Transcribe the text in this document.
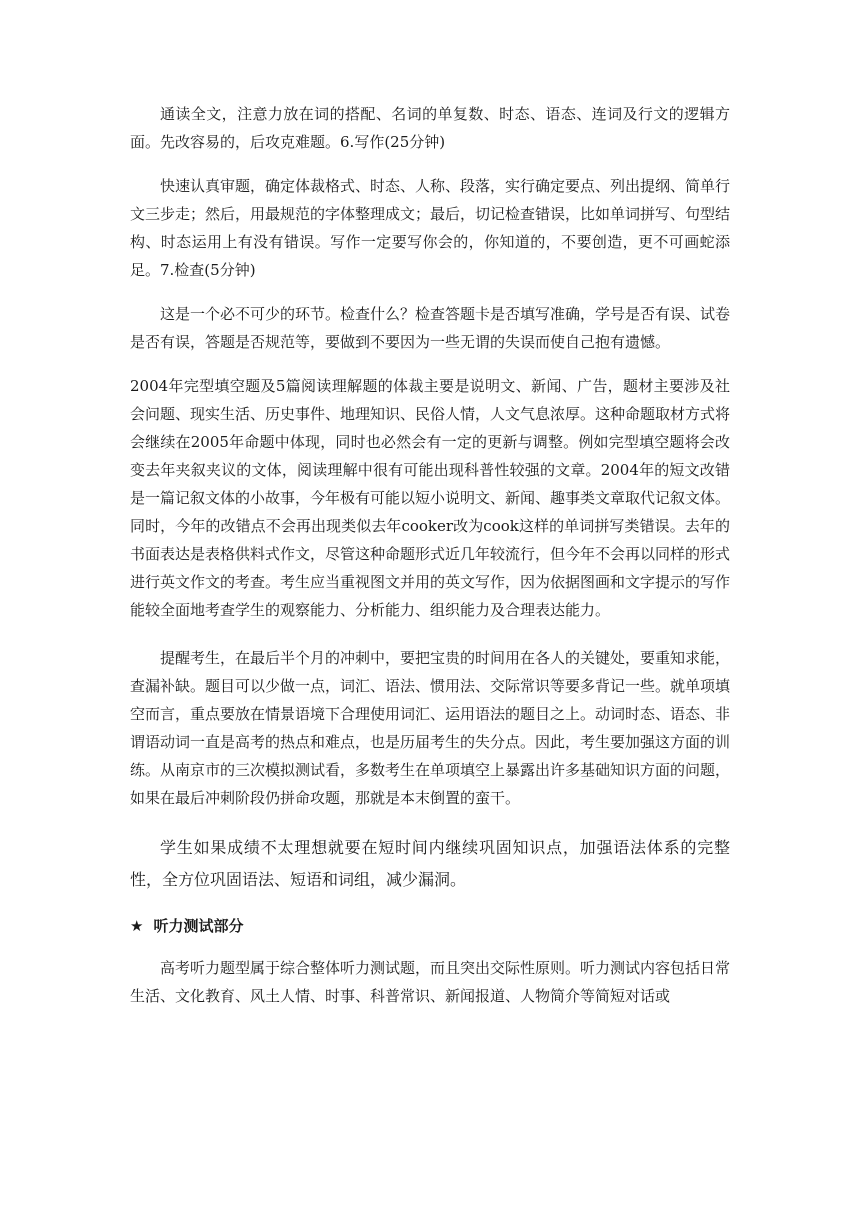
通读全文，注意力放在词的搭配、名词的单复数、时态、语态、连词及行文的逻辑方面。先改容易的，后攻克难题。6.写作(25分钟)

快速认真审题，确定体裁格式、时态、人称、段落，实行确定要点、列出提纲、简单行文三步走；然后，用最规范的字体整理成文；最后，切记检查错误，比如单词拼写、句型结构、时态运用上有没有错误。写作一定要写你会的，你知道的，不要创造，更不可画蛇添足。7.检查(5分钟)

这是一个必不可少的环节。检查什么？检查答题卡是否填写准确，学号是否有误、试卷是否有误，答题是否规范等，要做到不要因为一些无谓的失误而使自己抱有遗憾。

2004年完型填空题及5篇阅读理解题的体裁主要是说明文、新闻、广告，题材主要涉及社会问题、现实生活、历史事件、地理知识、民俗人情，人文气息浓厚。这种命题取材方式将会继续在2005年命题中体现，同时也必然会有一定的更新与调整。例如完型填空题将会改变去年夹叙夹议的文体，阅读理解中很有可能出现科普性较强的文章。2004年的短文改错是一篇记叙文体的小故事，今年极有可能以短小说明文、新闻、趣事类文章取代记叙文体。同时，今年的改错点不会再出现类似去年cooker改为cook这样的单词拼写类错误。去年的书面表达是表格供料式作文，尽管这种命题形式近几年较流行，但今年不会再以同样的形式进行英文作文的考查。考生应当重视图文并用的英文写作，因为依据图画和文字提示的写作能较全面地考查学生的观察能力、分析能力、组织能力及合理表达能力。

提醒考生，在最后半个月的冲刺中，要把宝贵的时间用在各人的关键处，要重知求能，查漏补缺。题目可以少做一点，词汇、语法、惯用法、交际常识等要多背记一些。就单项填空而言，重点要放在情景语境下合理使用词汇、运用语法的题目之上。动词时态、语态、非谓语动词一直是高考的热点和难点，也是历届考生的失分点。因此，考生要加强这方面的训练。从南京市的三次模拟测试看，多数考生在单项填空上暴露出许多基础知识方面的问题，如果在最后冲刺阶段仍拼命攻题，那就是本末倒置的蛮干。

学生如果成绩不太理想就要在短时间内继续巩固知识点，加强语法体系的完整性，全方位巩固语法、短语和词组，减少漏洞。

★ 听力测试部分

高考听力题型属于综合整体听力测试题，而且突出交际性原则。听力测试内容包括日常生活、文化教育、风土人情、时事、科普常识、新闻报道、人物简介等简短对话或
